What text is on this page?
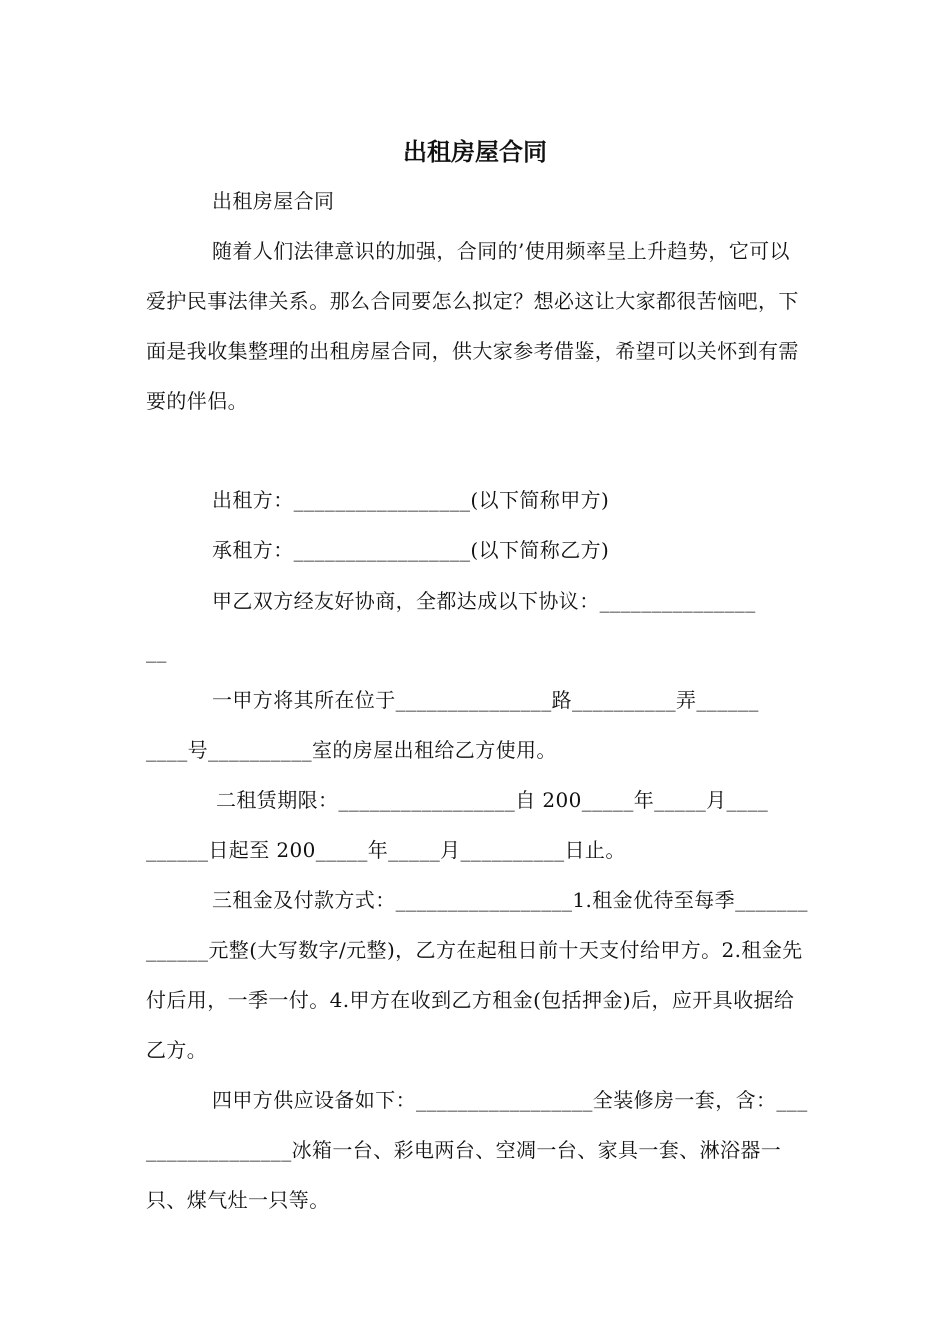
出租房屋合同
出租房屋合同
随着人们法律意识的加强，合同的’使用频率呈上升趋势，它可以爱护民事法律关系。那么合同要怎么拟定？想必这让大家都很苦恼吧，下面是我收集整理的出租房屋合同，供大家参考借鉴，希望可以关怀到有需要的伴侣。
出租方：_________________(以下简称甲方)
承租方：_________________(以下简称乙方)
甲乙双方经友好协商，全都达成以下协议：_______________
__
一甲方将其所在位于_______________路__________弄______
____号__________室的房屋出租给乙方使用。
二租赁期限：_________________自 200_____年_____月____
______日起至 200_____年_____月__________日止。
三租金及付款方式：_________________1.租金优待至每季_____________元整(大写数字/元整)，乙方在起租日前十天支付给甲方。2.租金先付后用，一季一付。4.甲方在收到乙方租金(包括押金)后，应开具收据给乙方。
四甲方供应设备如下：_________________全装修房一套，含：_________________冰箱一台、彩电两台、空凋一台、家具一套、淋浴器一只、煤气灶一只等。
